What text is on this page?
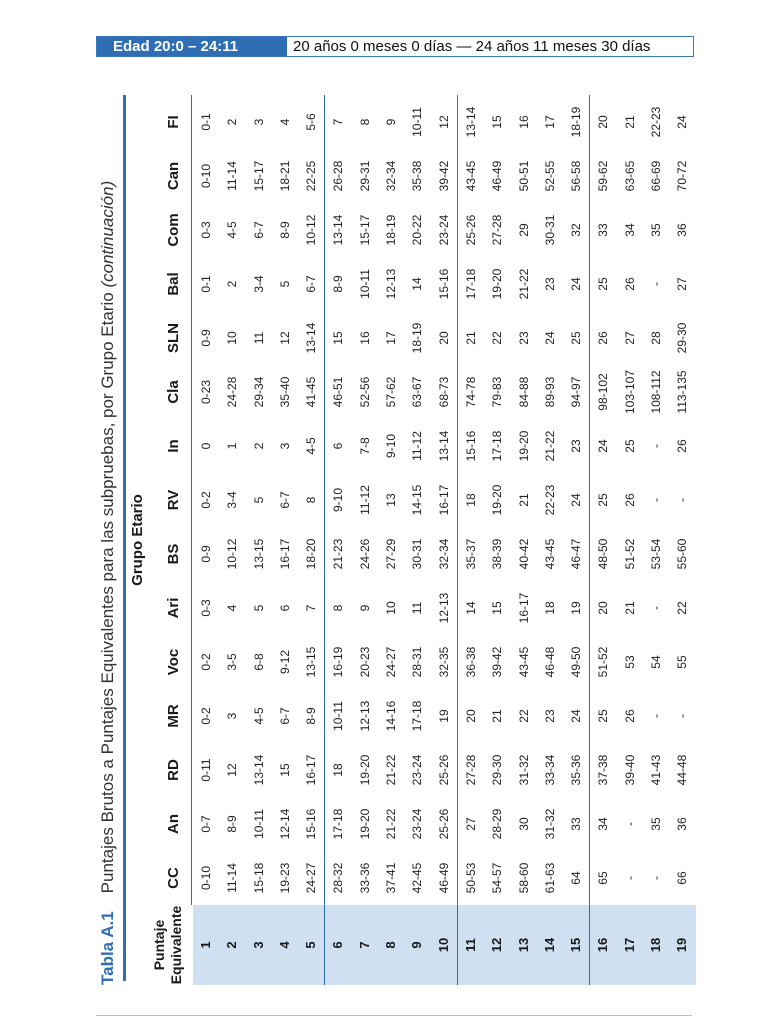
Edad 20:0 – 24:11	20 años 0 meses 0 días — 24 años 11 meses 30 días
Tabla A.1Puntajes Brutos a Puntajes Equivalentes para las subpruebas, por Grupo Etario (continuación)
Grupo Etario
Puntaje Equivalente
CC
An
RD
MR
Voc
Ari
BS
RV
In
Cla
SLN
Bal
Com
Can
FI
1
0-10
0-7
0-11
0-2
0-2
0-3
0-9
0-2
0
0-23
0-9
0-1
0-3
0-10
0-1
2
11-14
8-9
12
3
3-5
4
10-12
3-4
1
24-28
10
2
4-5
11-14
2
3
15-18
10-11
13-14
4-5
6-8
5
13-15
5
2
29-34
11
3-4
6-7
15-17
3
4
19-23
12-14
15
6-7
9-12
6
16-17
6-7
3
35-40
12
5
8-9
18-21
4
5
24-27
15-16
16-17
8-9
13-15
7
18-20
8
4-5
41-45
13-14
6-7
10-12
22-25
5-6
6
28-32
17-18
18
10-11
16-19
8
21-23
9-10
6
46-51
15
8-9
13-14
26-28
7
7
33-36
19-20
19-20
12-13
20-23
9
24-26
11-12
7-8
52-56
16
10-11
15-17
29-31
8
8
37-41
21-22
21-22
14-16
24-27
10
27-29
13
9-10
57-62
17
12-13
18-19
32-34
9
9
42-45
23-24
23-24
17-18
28-31
11
30-31
14-15
11-12
63-67
18-19
14
20-22
35-38
10-11
10
46-49
25-26
25-26
19
32-35
12-13
32-34
16-17
13-14
68-73
20
15-16
23-24
39-42
12
11
50-53
27
27-28
20
36-38
14
35-37
18
15-16
74-78
21
17-18
25-26
43-45
13-14
12
54-57
28-29
29-30
21
39-42
15
38-39
19-20
17-18
79-83
22
19-20
27-28
46-49
15
13
58-60
30
31-32
22
43-45
16-17
40-42
21
19-20
84-88
23
21-22
29
50-51
16
14
61-63
31-32
33-34
23
46-48
18
43-45
22-23
21-22
89-93
24
23
30-31
52-55
17
15
64
33
35-36
24
49-50
19
46-47
24
23
94-97
25
24
32
56-58
18-19
16
65
34
37-38
25
51-52
20
48-50
25
24
98-102
26
25
33
59-62
20
17
-
-
39-40
26
53
21
51-52
26
25
103-107
27
26
34
63-65
21
18
-
35
41-43
-
54
-
53-54
-
-
108-112
28
-
35
66-69
22-23
19
66
36
44-48
-
55
22
55-60
-
26
113-135
29-30
27
36
70-72
24
